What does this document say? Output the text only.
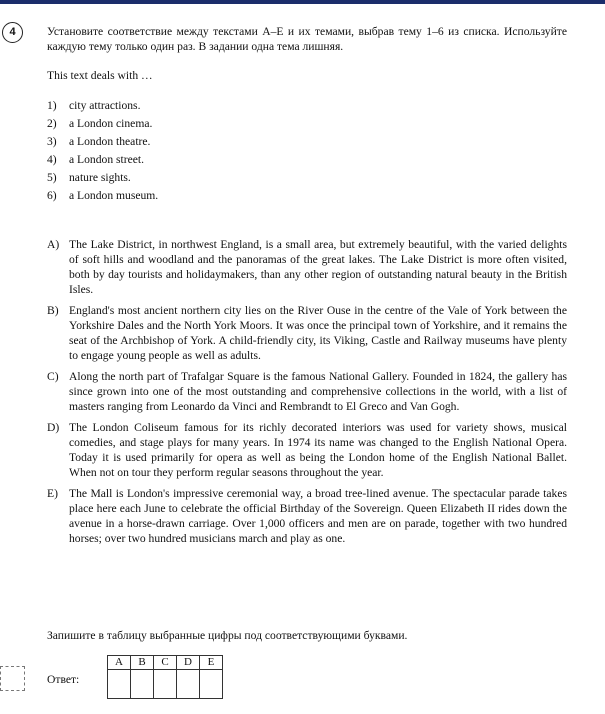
4	Установите соответствие между текстами А–Е и их темами, выбрав тему 1–6 из списка. Используйте каждую тему только один раз. В задании одна тема лишняя.
This text deals with …
1)	city attractions.
2)	a London cinema.
3)	a London theatre.
4)	a London street.
5)	nature sights.
6)	a London museum.
A) The Lake District, in northwest England, is a small area, but extremely beautiful, with the varied delights of soft hills and woodland and the panoramas of the great lakes. The Lake District is more often visited, both by day tourists and holidaymakers, than any other region of outstanding natural beauty in the British Isles.
B) England's most ancient northern city lies on the River Ouse in the centre of the Vale of York between the Yorkshire Dales and the North York Moors. It was once the principal town of Yorkshire, and it remains the seat of the Archbishop of York. A child-friendly city, its Viking, Castle and Railway museums have plenty to engage young people as well as adults.
C) Along the north part of Trafalgar Square is the famous National Gallery. Founded in 1824, the gallery has since grown into one of the most outstanding and comprehensive collections in the world, with a list of masters ranging from Leonardo da Vinci and Rembrandt to El Greco and Van Gogh.
D) The London Coliseum famous for its richly decorated interiors was used for variety shows, musical comedies, and stage plays for many years. In 1974 its name was changed to the English National Opera. Today it is used primarily for opera as well as being the London home of the English National Ballet. When not on tour they perform regular seasons throughout the year.
E) The Mall is London's impressive ceremonial way, a broad tree-lined avenue. The spectacular parade takes place here each June to celebrate the official Birthday of the Sovereign. Queen Elizabeth II rides down the avenue in a horse-drawn carriage. Over 1,000 officers and men are on parade, together with two hundred horses; over two hundred musicians march and play as one.
Запишите в таблицу выбранные цифры под соответствующими буквами.
Ответ:
A	B	C	D	E
